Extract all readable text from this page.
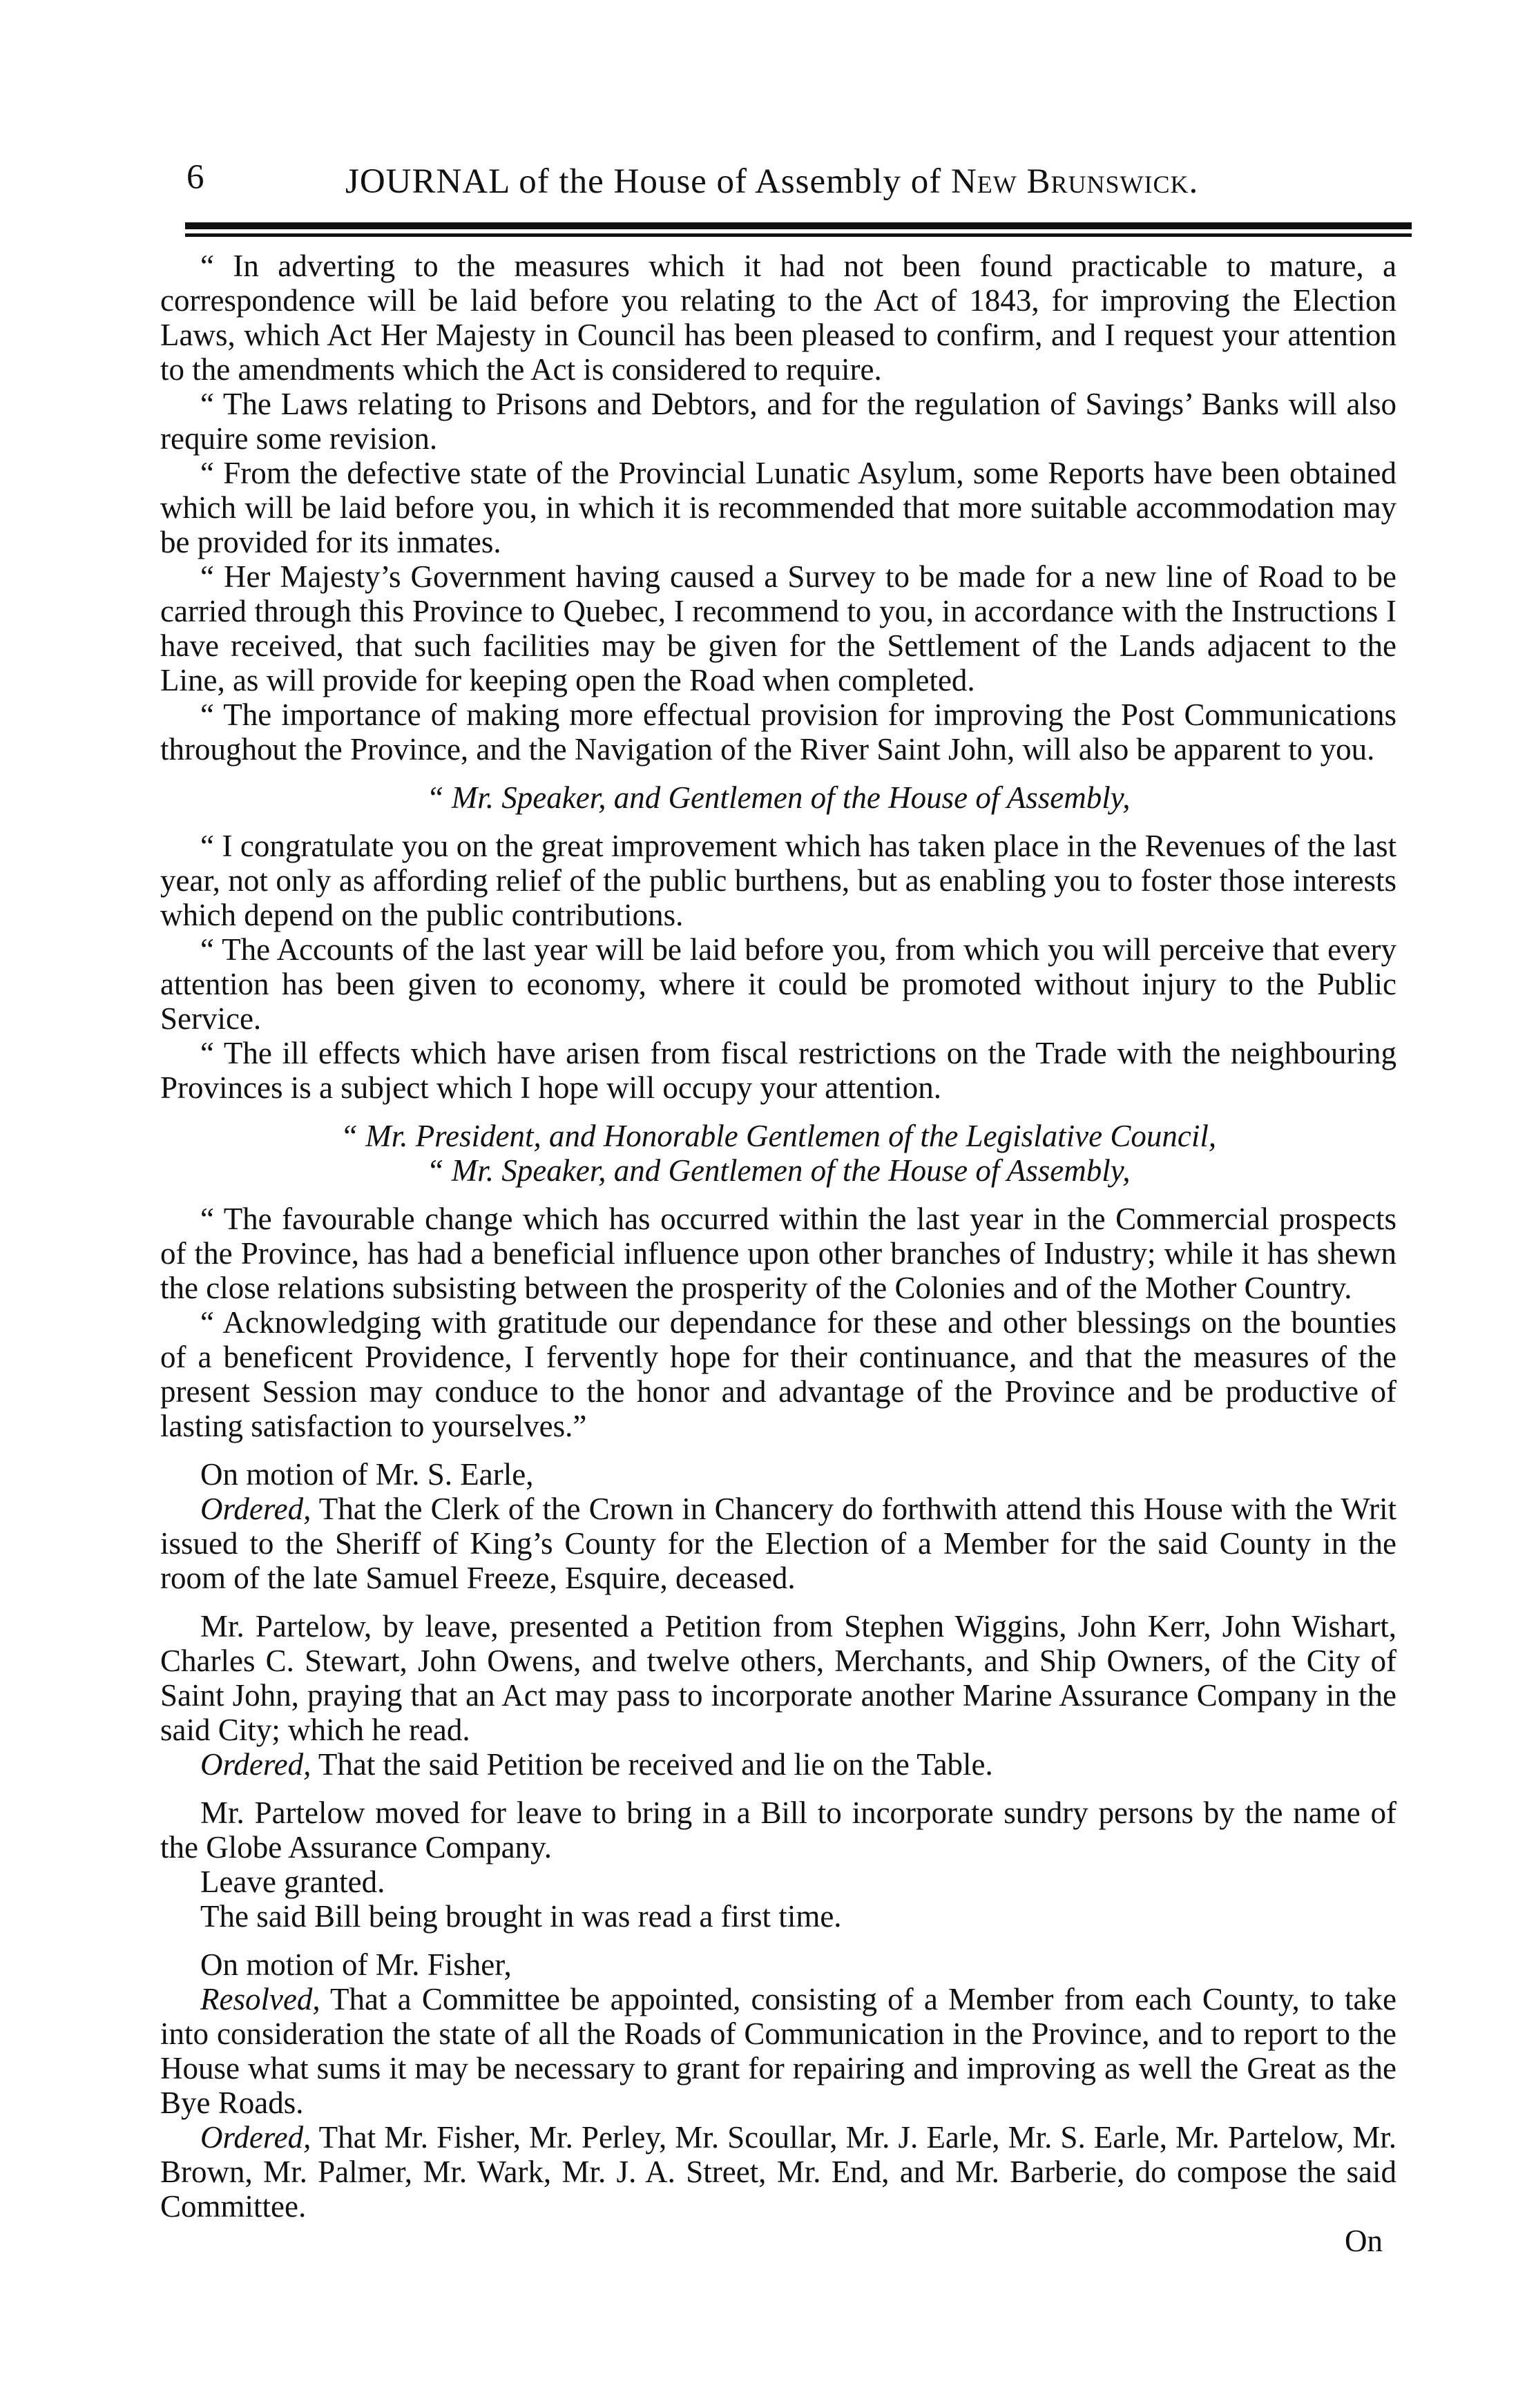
6	JOURNAL of the House of Assembly of New Brunswick.

“ In adverting to the measures which it had not been found practicable to mature, a correspondence will be laid before you relating to the Act of 1843, for improving the Election Laws, which Act Her Majesty in Council has been pleased to confirm, and I request your attention to the amendments which the Act is considered to require.

“ The Laws relating to Prisons and Debtors, and for the regulation of Savings’ Banks will also require some revision.

“ From the defective state of the Provincial Lunatic Asylum, some Reports have been obtained which will be laid before you, in which it is recommended that more suitable accommodation may be provided for its inmates.

“ Her Majesty’s Government having caused a Survey to be made for a new line of Road to be carried through this Province to Quebec, I recommend to you, in accordance with the Instructions I have received, that such facilities may be given for the Settlement of the Lands adjacent to the Line, as will provide for keeping open the Road when completed.

“ The importance of making more effectual provision for improving the Post Communications throughout the Province, and the Navigation of the River Saint John, will also be apparent to you.

“ Mr. Speaker, and Gentlemen of the House of Assembly,

“ I congratulate you on the great improvement which has taken place in the Revenues of the last year, not only as affording relief of the public burthens, but as enabling you to foster those interests which depend on the public contributions.

“ The Accounts of the last year will be laid before you, from which you will perceive that every attention has been given to economy, where it could be promoted without injury to the Public Service.

“ The ill effects which have arisen from fiscal restrictions on the Trade with the neighbouring Provinces is a subject which I hope will occupy your attention.

“ Mr. President, and Honorable Gentlemen of the Legislative Council,

“ Mr. Speaker, and Gentlemen of the House of Assembly,

“ The favourable change which has occurred within the last year in the Commercial prospects of the Province, has had a beneficial influence upon other branches of Industry; while it has shewn the close relations subsisting between the prosperity of the Colonies and of the Mother Country.

“ Acknowledging with gratitude our dependance for these and other blessings on the bounties of a beneficent Providence, I fervently hope for their continuance, and that the measures of the present Session may conduce to the honor and advantage of the Province and be productive of lasting satisfaction to yourselves.”

On motion of Mr. S. Earle,

Ordered, That the Clerk of the Crown in Chancery do forthwith attend this House with the Writ issued to the Sheriff of King’s County for the Election of a Member for the said County in the room of the late Samuel Freeze, Esquire, deceased.

Mr. Partelow, by leave, presented a Petition from Stephen Wiggins, John Kerr, John Wishart, Charles C. Stewart, John Owens, and twelve others, Merchants, and Ship Owners, of the City of Saint John, praying that an Act may pass to incorporate another Marine Assurance Company in the said City; which he read.

Ordered, That the said Petition be received and lie on the Table.

Mr. Partelow moved for leave to bring in a Bill to incorporate sundry persons by the name of the Globe Assurance Company.

Leave granted.

The said Bill being brought in was read a first time.

On motion of Mr. Fisher,

Resolved, That a Committee be appointed, consisting of a Member from each County, to take into consideration the state of all the Roads of Communication in the Province, and to report to the House what sums it may be necessary to grant for repairing and improving as well the Great as the Bye Roads.

Ordered, That Mr. Fisher, Mr. Perley, Mr. Scoullar, Mr. J. Earle, Mr. S. Earle, Mr. Partelow, Mr. Brown, Mr. Palmer, Mr. Wark, Mr. J. A. Street, Mr. End, and Mr. Barberie, do compose the said Committee.

On
